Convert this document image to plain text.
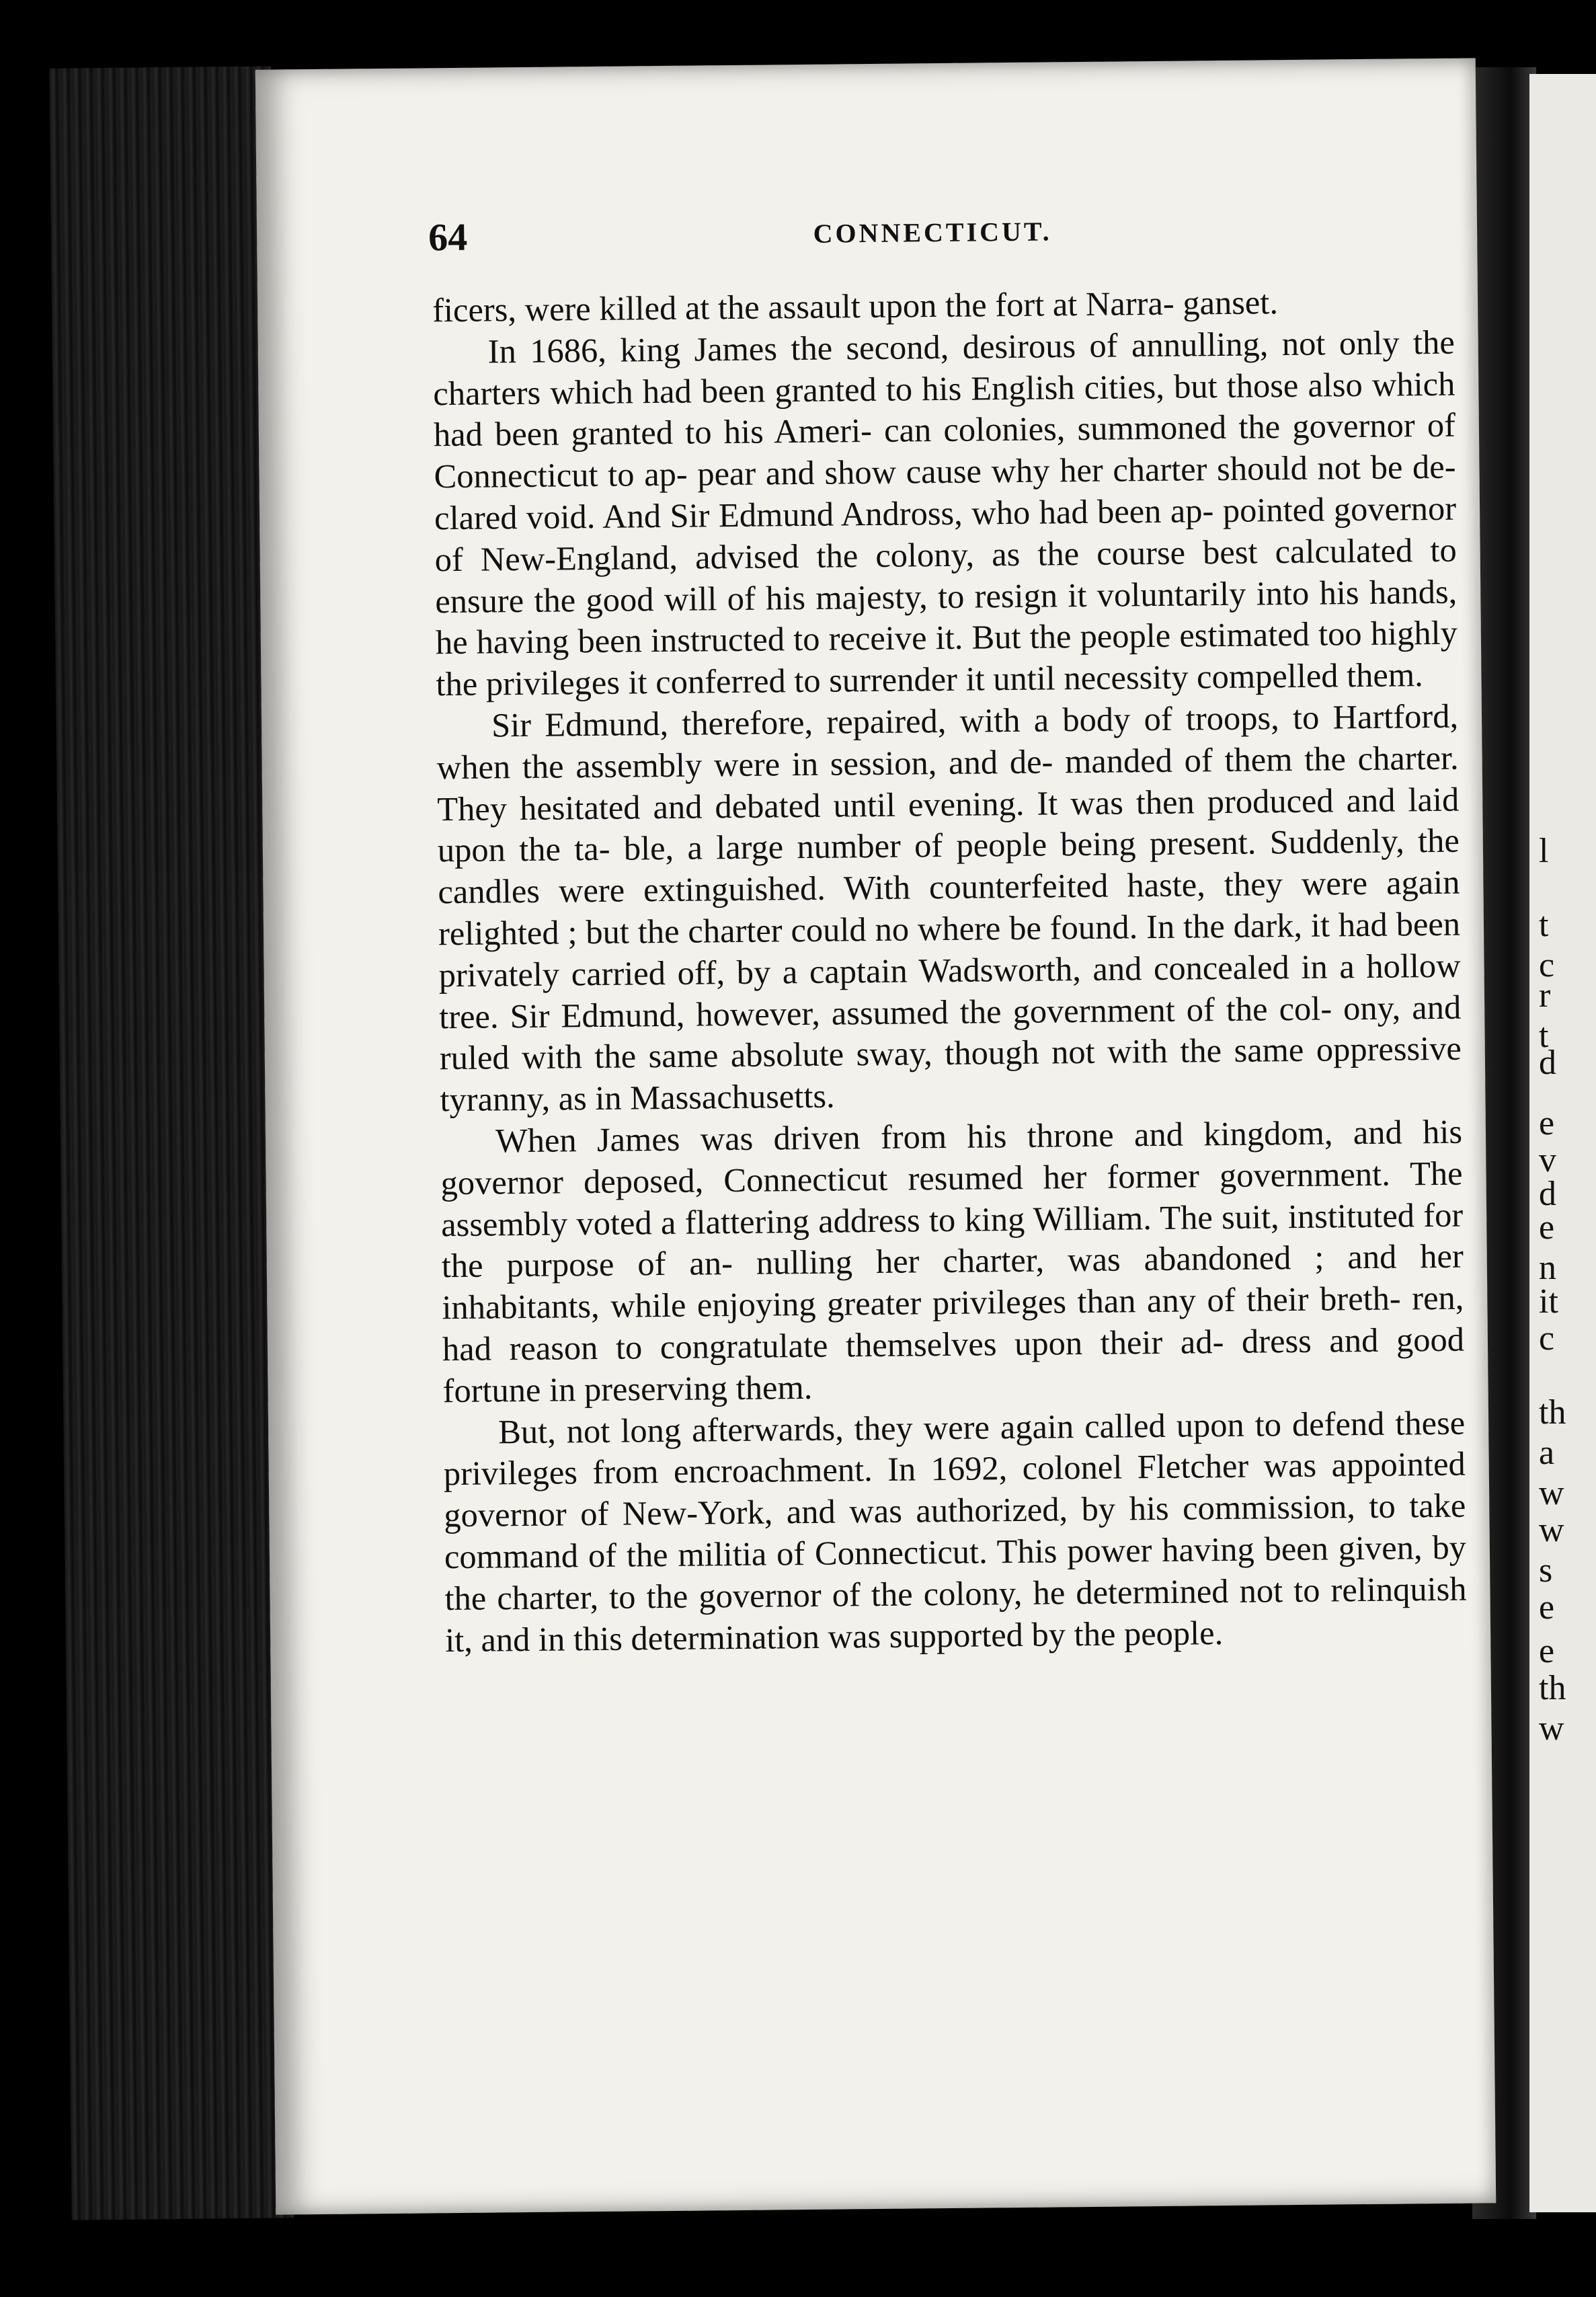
l
t
c
r
t
d
e
v
d
e
n
it
c
th
a
w
w
s
e
e
th
w
64	CONNECTICUT.

ficers, were killed at the assault upon the fort at Narra- ganset.

In 1686, king James the second, desirous of annulling, not only the charters which had been granted to his English cities, but those also which had been granted to his Ameri- can colonies, summoned the governor of Connecticut to ap- pear and show cause why her charter should not be de- clared void. And Sir Edmund Andross, who had been ap- pointed governor of New-England, advised the colony, as the course best calculated to ensure the good will of his majesty, to resign it voluntarily into his hands, he having been instructed to receive it. But the people estimated too highly the privileges it conferred to surrender it until necessity compelled them.

Sir Edmund, therefore, repaired, with a body of troops, to Hartford, when the assembly were in session, and de- manded of them the charter. They hesitated and debated until evening. It was then produced and laid upon the ta- ble, a large number of people being present. Suddenly, the candles were extinguished. With counterfeited haste, they were again relighted ; but the charter could no where be found. In the dark, it had been privately carried off, by a captain Wadsworth, and concealed in a hollow tree. Sir Edmund, however, assumed the government of the col- ony, and ruled with the same absolute sway, though not with the same oppressive tyranny, as in Massachusetts.

When James was driven from his throne and kingdom, and his governor deposed, Connecticut resumed her former government. The assembly voted a flattering address to king William. The suit, instituted for the purpose of an- nulling her charter, was abandoned ; and her inhabitants, while enjoying greater privileges than any of their breth- ren, had reason to congratulate themselves upon their ad- dress and good fortune in preserving them.

But, not long afterwards, they were again called upon to defend these privileges from encroachment. In 1692, colonel Fletcher was appointed governor of New-York, and was authorized, by his commission, to take command of the militia of Connecticut. This power having been given, by the charter, to the governor of the colony, he determined not to relinquish it, and in this determination was supported by the people.
